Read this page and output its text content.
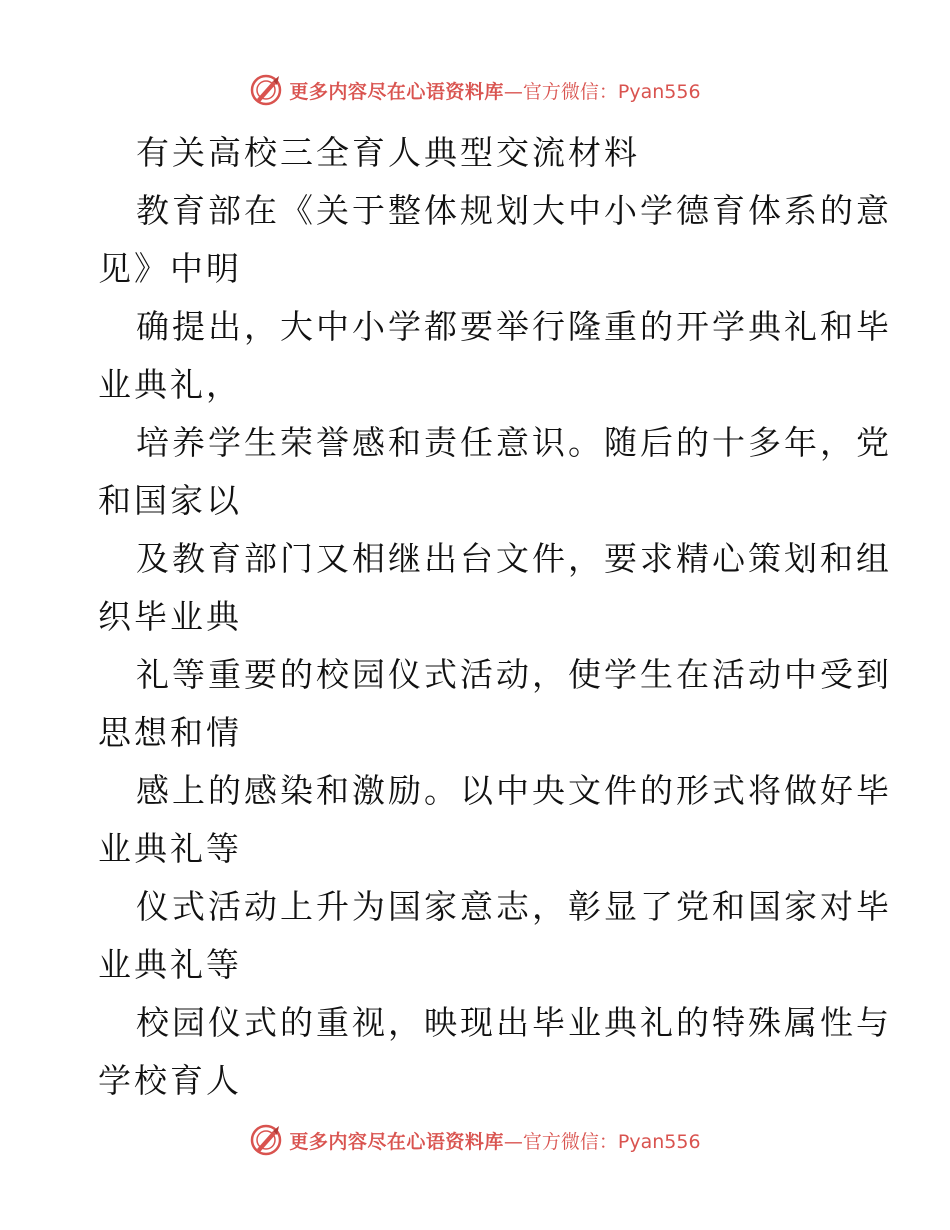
更多内容尽在心语资料库 —官方微信：Pyan556
有关高校三全育人典型交流材料
教育部在《关于整体规划大中小学德育体系的意
见》中明
确提出，大中小学都要举行隆重的开学典礼和毕
业典礼，
培养学生荣誉感和责任意识。随后的十多年，党
和国家以
及教育部门又相继出台文件，要求精心策划和组
织毕业典
礼等重要的校园仪式活动，使学生在活动中受到
思想和情
感上的感染和激励。以中央文件的形式将做好毕
业典礼等
仪式活动上升为国家意志，彰显了党和国家对毕
业典礼等
校园仪式的重视，映现出毕业典礼的特殊属性与
学校育人
更多内容尽在心语资料库 —官方微信：Pyan556
